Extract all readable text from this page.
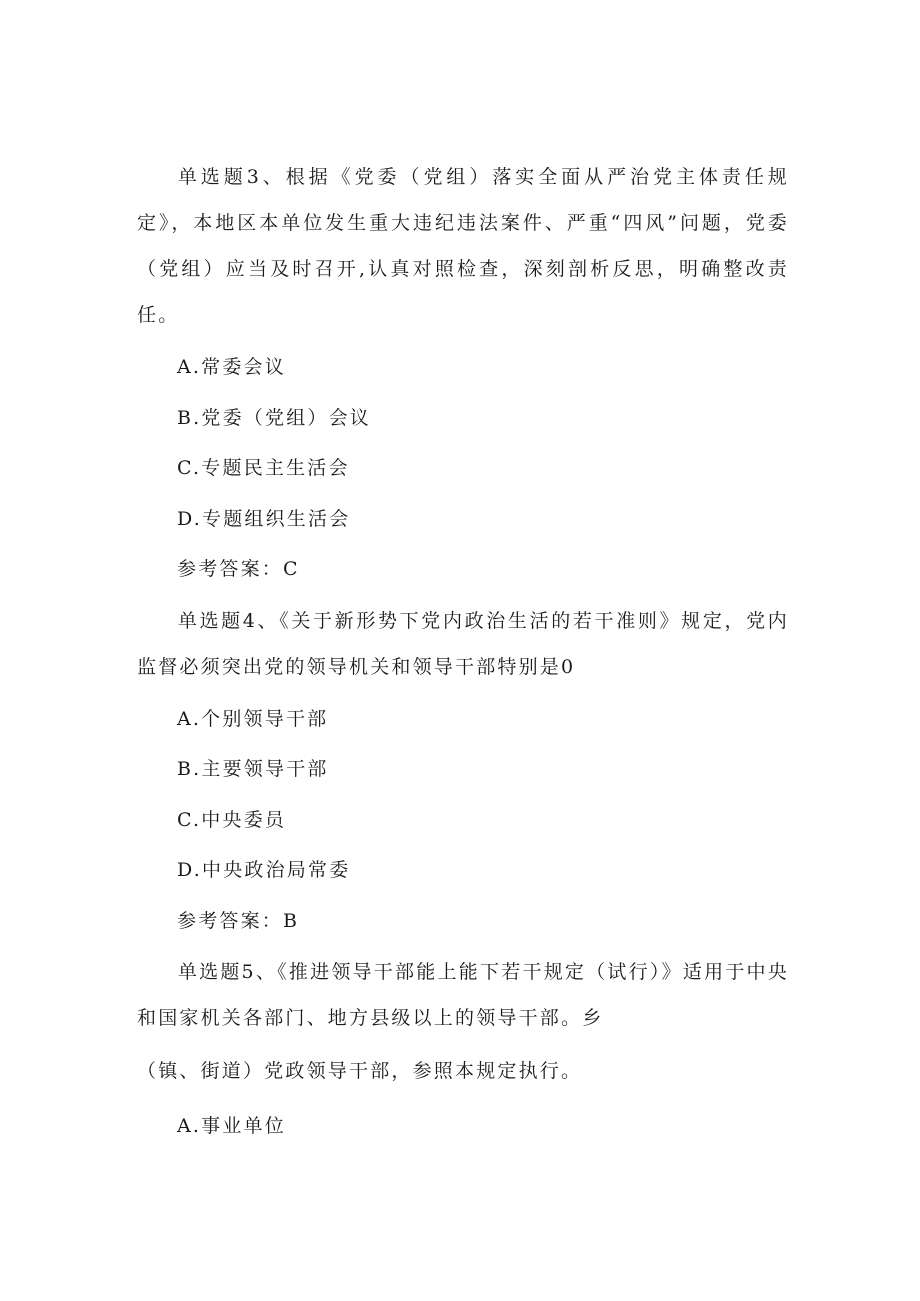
单选题3、根据《党委（党组）落实全面从严治党主体责任规定》，本地区本单位发生重大违纪违法案件、严重“四风”问题，党委（党组）应当及时召开,认真对照检查，深刻剖析反思，明确整改责任。

A.常委会议

B.党委（党组）会议

C.专题民主生活会

D.专题组织生活会

参考答案：C

单选题4、《关于新形势下党内政治生活的若干准则》规定，党内监督必须突出党的领导机关和领导干部特别是0

A.个别领导干部

B.主要领导干部

C.中央委员

D.中央政治局常委

参考答案：B

单选题5、《推进领导干部能上能下若干规定（试行）》适用于中央和国家机关各部门、地方县级以上的领导干部。乡

（镇、街道）党政领导干部，参照本规定执行。

A.事业单位
